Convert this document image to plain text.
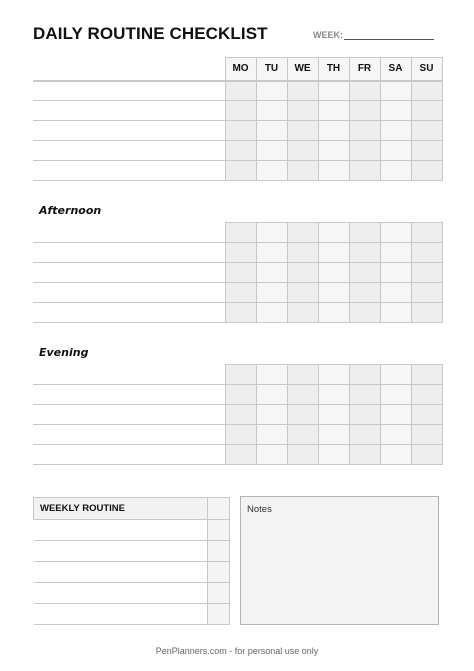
DAILY ROUTINE CHECKLIST	WEEK:
	MO	TU	WE	TH	FR	SA	SU

Afternoon

Evening

WEEKLY ROUTINE	

		Notes
PenPlanners.com - for personal use only
